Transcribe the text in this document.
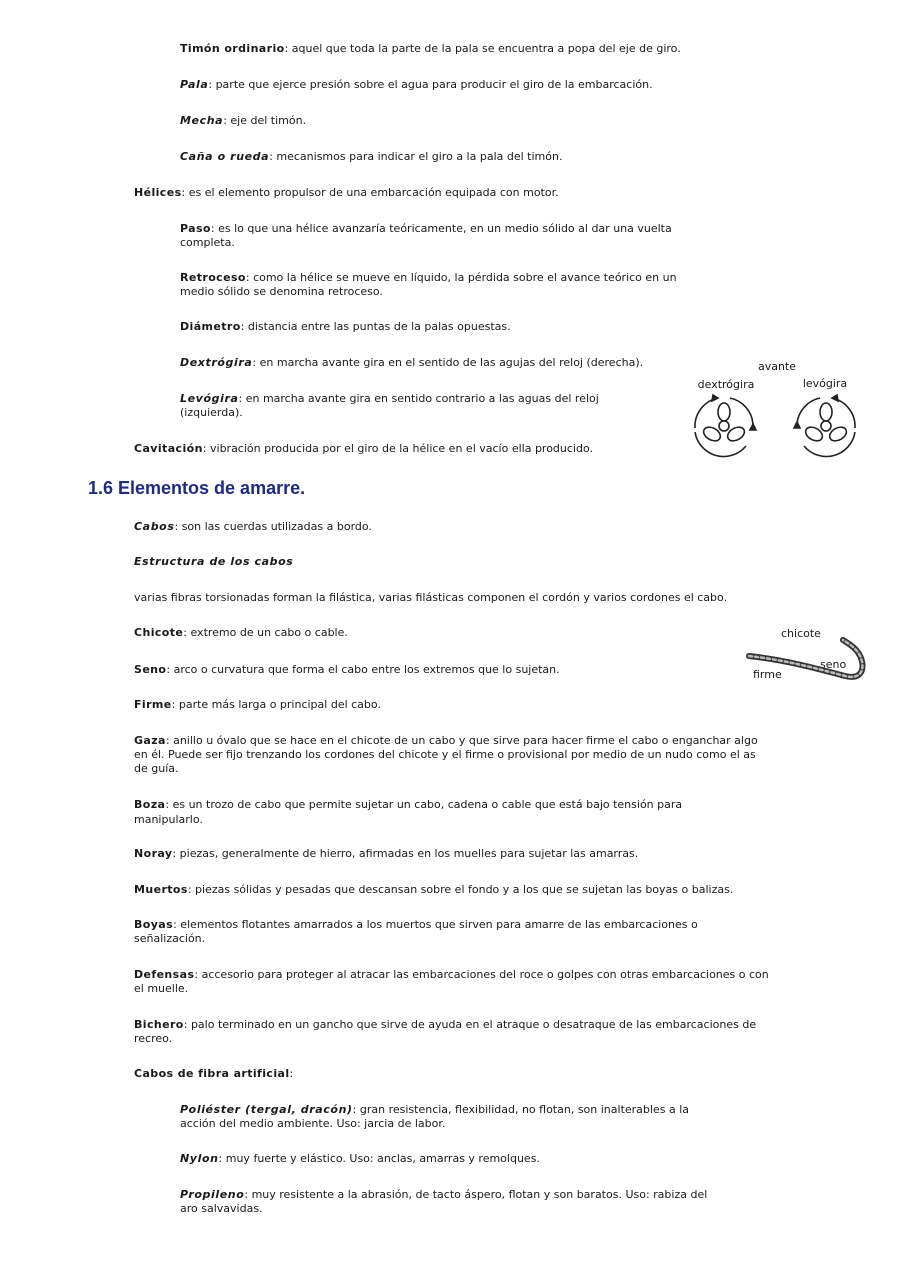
Timón ordinario: aquel que toda la parte de la pala se encuentra a popa del eje de giro.

Pala: parte que ejerce presión sobre el agua para producir el giro de la embarcación.

Mecha: eje del timón.

Caña o rueda: mecanismos para indicar el giro a la pala del timón.

Hélices: es el elemento propulsor de una embarcación equipada con motor.

Paso: es lo que una hélice avanzaría teóricamente, en un medio sólido al dar una vuelta completa.

Retroceso: como la hélice se mueve en líquido, la pérdida sobre el avance teórico en un medio sólido se denomina retroceso.

Diámetro: distancia entre las puntas de la palas opuestas.

Dextrógira: en marcha avante gira en el sentido de las agujas del reloj (derecha).

Levógira: en marcha avante gira en sentido contrario a las aguas del reloj (izquierda).

Cavitación: vibración producida por el giro de la hélice en el vacío ella producido.

avante
dextrógira	levógira
1.6 Elementos de amarre.

Cabos: son las cuerdas utilizadas a bordo.

Estructura de los cabos

varias fibras torsionadas forman la filástica, varias filásticas componen el cordón y varios cordones el cabo.

Chicote: extremo de un cabo o cable.

Seno: arco o curvatura que forma el cabo entre los extremos que lo sujetan.

Firme: parte más larga o principal del cabo.

Gaza: anillo u óvalo que se hace en el chicote de un cabo y que sirve para hacer firme el cabo o enganchar algo en él. Puede ser fijo trenzando los cordones del chicote y el firme o provisional por medio de un nudo como el as de guía.

Boza: es un trozo de cabo que permite sujetar un cabo, cadena o cable que está bajo tensión para manipularlo.

Noray: piezas, generalmente de hierro, afirmadas en los muelles para sujetar las amarras.

Muertos: piezas sólidas y pesadas que descansan sobre el fondo y a los que se sujetan las boyas o balizas.

Boyas: elementos flotantes amarrados a los muertos que sirven para amarre de las embarcaciones o señalización.

Defensas: accesorio para proteger al atracar las embarcaciones del roce o golpes con otras embarcaciones o con el muelle.

Bichero: palo terminado en un gancho que sirve de ayuda en el atraque o desatraque de las embarcaciones de recreo.

Cabos de fibra artificial:

Poliéster (tergal, dracón): gran resistencia, flexibilidad, no flotan, son inalterables a la acción del medio ambiente. Uso: jarcia de labor.

Nylon: muy fuerte y elástico. Uso: anclas, amarras y remolques.

Propileno: muy resistente a la abrasión, de tacto áspero, flotan y son baratos. Uso: rabiza del aro salvavidas.

chicote
seno
firme
